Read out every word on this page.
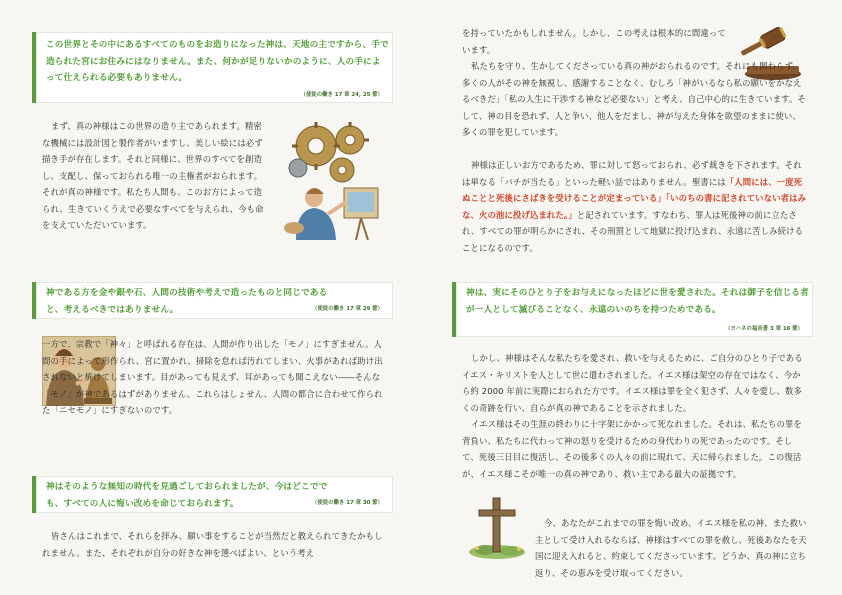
この世界とその中にあるすべてのものをお造りになった神は、天地の主ですから、手で造られた宮にお住みにはなりません。また、何かが足りないかのように、人の手によって仕えられる必要もありません。

（使徒の働き 17 章 24, 25 節）

まず、真の神様はこの世界の造り主であられます。精密な機械には設計図と製作者がいますし、美しい絵には必ず描き手が存在します。それと同様に、世界のすべてを創造し、支配し、保っておられる唯一の主権者がおられます。それが真の神様です。私たち人間も、このお方によって造られ、生きていくうえで必要なすべてを与えられ、今も命を支えていただいています。

神である方を金や銀や石、人間の技術や考えで造ったものと同じであると、考えるべきではありません。	（使徒の働き 17 章 29 節）

一方で、宗教で「神々」と呼ばれる存在は、人間が作り出した「モノ」にすぎません。人間の手によって形作られ、宮に置かれ、掃除を怠れば汚れてしまい、火事があれば助け出されないと焼けてしまいます。目があっても見えず、耳があっても聞こえない――そんな「モノ」が神であるはずがありません。これらはしょせん、人間の都合に合わせて作られた「ニセモノ」にすぎないのです。

神はそのような無知の時代を見過ごしておられましたが、今はどこででも、すべての人に悔い改めを命じておられます。	（使徒の働き 17 章 30 節）

皆さんはこれまで、それらを拝み、願い事をすることが当然だと教えられてきたかもしれません。また、それぞれが自分の好きな神を選べばよい、という考え

を持っていたかもしれません。しかし、この考えは根本的に間違っています。

私たちを守り、生かしてくださっている真の神がおられるのです。それにも関わらず、多くの人がその神を無視し、感謝することなく、むしろ「神がいるなら私の願いをかなえるべきだ」「私の人生に干渉する神など必要ない」と考え、自己中心的に生きています。そして、神の目を恐れず、人と争い、他人をだまし、神が与えた身体を欲望のままに使い、多くの罪を犯しています。

神様は正しいお方であるため、罪に対して怒っておられ、必ず裁きを下されます。それは単なる「バチが当たる」といった軽い話ではありません。聖書には「人間には、一度死ぬことと死後にさばきを受けることが定まっている」「いのちの書に記されていない者はみな、火の池に投げ込まれた。」と記されています。すなわち、罪人は死後神の前に立たされ、すべての罪が明らかにされ、その刑罰として地獄に投げ込まれ、永遠に苦しみ続けることになるのです。

神は、実にそのひとり子をお与えになったほどに世を愛された。それは御子を信じる者が一人として滅びることなく、永遠のいのちを持つためである。

（ヨハネの福音書 3 章 16 節）

しかし、神様はそんな私たちを愛され、救いを与えるために、ご自分のひとり子であるイエス・キリストを人として世に遣わされました。イエス様は架空の存在ではなく、今から約 2000 年前に実際におられた方です。イエス様は罪を全く犯さず、人々を愛し、数多くの奇跡を行い、自らが真の神であることを示されました。

イエス様はその生涯の終わりに十字架にかかって死なれました。それは、私たちの罪を背負い、私たちに代わって神の怒りを受けるための身代わりの死であったのです。そして、死後三日目に復活し、その後多くの人々の前に現れて、天に帰られました。この復活が、イエス様こそが唯一の真の神であり、救い主である最大の証拠です。

今、あなたがこれまでの罪を悔い改め、イエス様を私の神、また救い主として受け入れるならば、神様はすべての罪を赦し、死後あなたを天国に迎え入れると、約束してくださっています。どうか、真の神に立ち返り、その恵みを受け取ってください。
